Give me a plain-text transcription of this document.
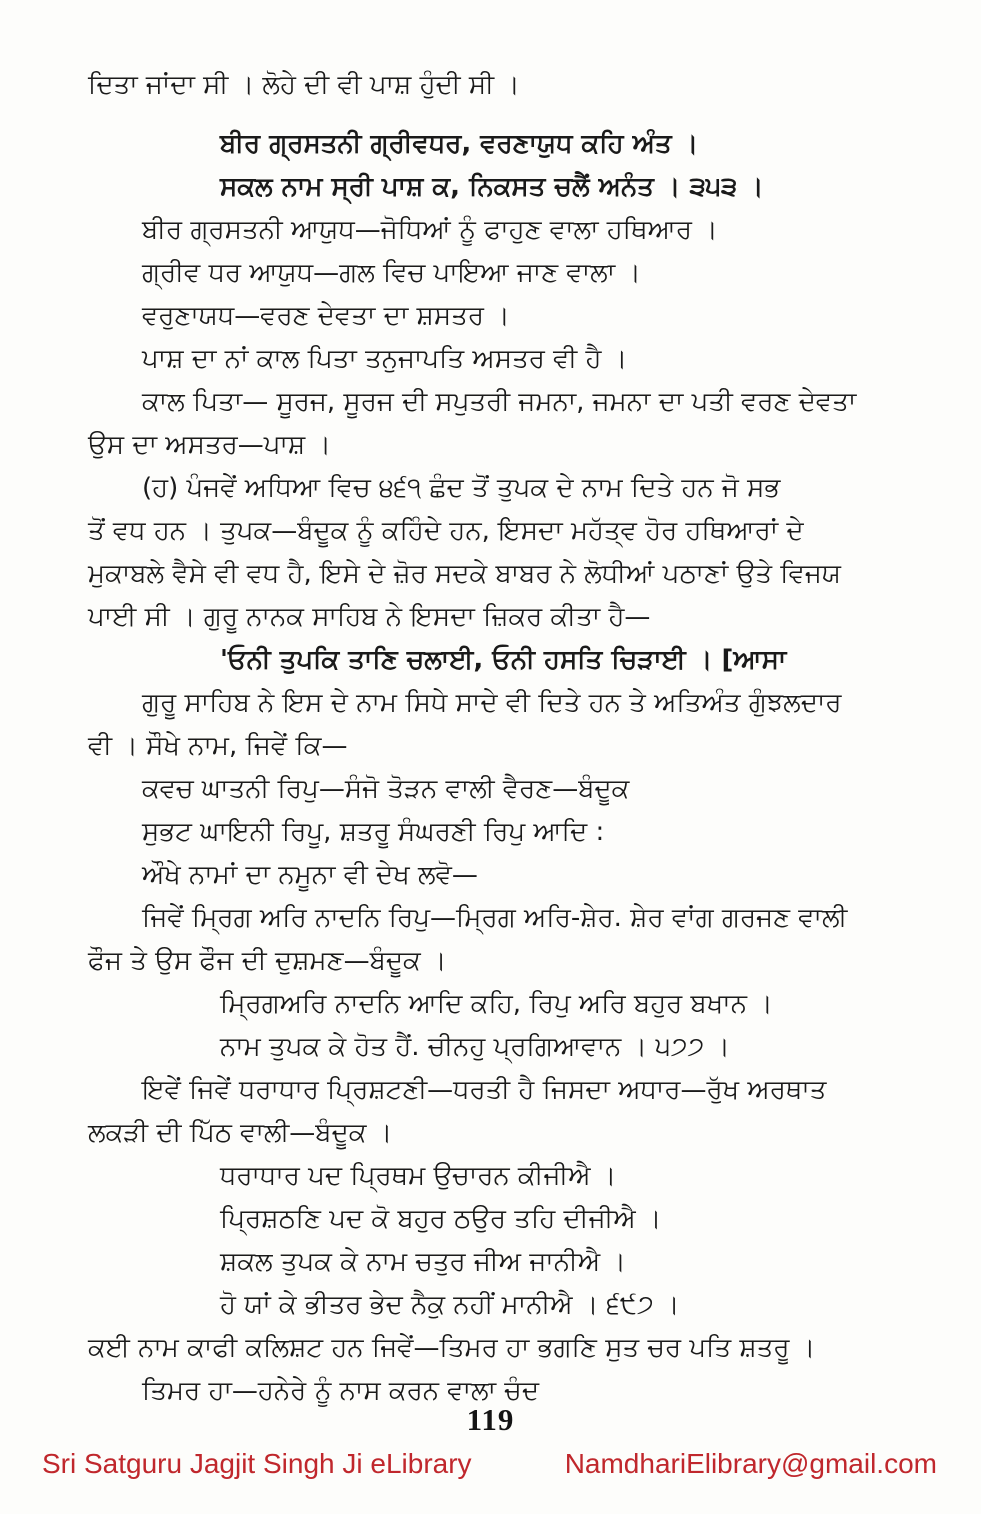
ਦਿਤਾ ਜਾਂਦਾ ਸੀ । ਲੋਹੇ ਦੀ ਵੀ ਪਾਸ਼ ਹੁੰਦੀ ਸੀ ।
ਬੀਰ ਗ੍ਰਸਤਨੀ ਗ੍ਰੀਵਧਰ, ਵਰਣਾਯੁਧ ਕਹਿ ਅੰਤ ।
ਸਕਲ ਨਾਮ ਸ੍ਰੀ ਪਾਸ਼ ਕ, ਨਿਕਸਤ ਚਲੈਂ ਅਨੰਤ । ੩੫੩ ।
ਬੀਰ ਗ੍ਰਸਤਨੀ ਆਯੁਧ—ਜੋਧਿਆਂ ਨੂੰ ਫਾਹੁਣ ਵਾਲਾ ਹਥਿਆਰ ।
ਗ੍ਰੀਵ ਧਰ ਆਯੁਧ—ਗਲ ਵਿਚ ਪਾਇਆ ਜਾਣ ਵਾਲਾ ।
ਵਰੁਣਾਯਧ—ਵਰਣ ਦੇਵਤਾ ਦਾ ਸ਼ਸਤਰ ।
ਪਾਸ਼ ਦਾ ਨਾਂ ਕਾਲ ਪਿਤਾ ਤਨੁਜਾਪਤਿ ਅਸਤਰ ਵੀ ਹੈ ।
ਕਾਲ ਪਿਤਾ— ਸੂਰਜ, ਸੂਰਜ ਦੀ ਸਪੁਤਰੀ ਜਮਨਾ, ਜਮਨਾ ਦਾ ਪਤੀ ਵਰਣ ਦੇਵਤਾ
ਉਸ ਦਾ ਅਸਤਰ—ਪਾਸ਼ ।
(ਹ) ਪੰਜਵੇਂ ਅਧਿਆ ਵਿਚ ੪੬੧ ਛੰਦ ਤੋਂ ਤੁਪਕ ਦੇ ਨਾਮ ਦਿਤੇ ਹਨ ਜੋ ਸਭ
ਤੋਂ ਵਧ ਹਨ । ਤੁਪਕ—ਬੰਦੂਕ ਨੂੰ ਕਹਿੰਦੇ ਹਨ, ਇਸਦਾ ਮਹੱਤ੍ਵ ਹੋਰ ਹਥਿਆਰਾਂ ਦੇ
ਮੁਕਾਬਲੇ ਵੈਸੇ ਵੀ ਵਧ ਹੈ, ਇਸੇ ਦੇ ਜ਼ੋਰ ਸਦਕੇ ਬਾਬਰ ਨੇ ਲੋਧੀਆਂ ਪਠਾਣਾਂ ਉਤੇ ਵਿਜਯ
ਪਾਈ ਸੀ । ਗੁਰੂ ਨਾਨਕ ਸਾਹਿਬ ਨੇ ਇਸਦਾ ਜ਼ਿਕਰ ਕੀਤਾ ਹੈ—
'ਓਨੀ ਤੁਪਕਿ ਤਾਣਿ ਚਲਾਈ, ਓਨੀ ਹਸਤਿ ਚਿੜਾਈ । [ਆਸਾ
ਗੁਰੂ ਸਾਹਿਬ ਨੇ ਇਸ ਦੇ ਨਾਮ ਸਿਧੇ ਸਾਦੇ ਵੀ ਦਿਤੇ ਹਨ ਤੇ ਅਤਿਅੰਤ ਗੁੰਝਲਦਾਰ
ਵੀ । ਸੌਖੇ ਨਾਮ, ਜਿਵੇਂ ਕਿ—
ਕਵਚ ਘਾਤਨੀ ਰਿਪੁ—ਸੰਜੋ ਤੋੜਨ ਵਾਲੀ ਵੈਰਣ—ਬੰਦੂਕ
ਸੁਭਟ ਘਾਇਨੀ ਰਿਪੂ, ਸ਼ਤਰੂ ਸੰਘਰਣੀ ਰਿਪੁ ਆਦਿ :
ਔਖੇ ਨਾਮਾਂ ਦਾ ਨਮੂਨਾ ਵੀ ਦੇਖ ਲਵੋ—
ਜਿਵੇਂ ਮ੍ਰਿਗ ਅਰਿ ਨਾਦਨਿ ਰਿਪੁ—ਮ੍ਰਿਗ ਅਰਿ-ਸ਼ੇਰ. ਸ਼ੇਰ ਵਾਂਗ ਗਰਜਣ ਵਾਲੀ
ਫੌਜ ਤੇ ਉਸ ਫੌਜ ਦੀ ਦੁਸ਼ਮਣ—ਬੰਦੂਕ ।
ਮ੍ਰਿਗਅਰਿ ਨਾਦਨਿ ਆਦਿ ਕਹਿ, ਰਿਪੁ ਅਰਿ ਬਹੁਰ ਬਖਾਨ ।
ਨਾਮ ਤੁਪਕ ਕੇ ਹੋਤ ਹੈਂ. ਚੀਨਹੁ ਪ੍ਰਗਿਆਵਾਨ । ੫੭੭ ।
ਇਵੇਂ ਜਿਵੇਂ ਧਰਾਧਾਰ ਪ੍ਰਿਸ਼ਟਣੀ—ਧਰਤੀ ਹੈ ਜਿਸਦਾ ਅਧਾਰ—ਰੁੱਖ ਅਰਥਾਤ
ਲਕੜੀ ਦੀ ਪਿੱਠ ਵਾਲੀ—ਬੰਦੂਕ ।
ਧਰਾਧਾਰ ਪਦ ਪ੍ਰਿਥਮ ਉਚਾਰਨ ਕੀਜੀਐ ।
ਪ੍ਰਿਸ਼ਠਣਿ ਪਦ ਕੋ ਬਹੁਰ ਠਉਰ ਤਹਿ ਦੀਜੀਐ ।
ਸ਼ਕਲ ਤੁਪਕ ਕੇ ਨਾਮ ਚਤੁਰ ਜੀਅ ਜਾਨੀਐ ।
ਹੋ ਯਾਂ ਕੇ ਭੀਤਰ ਭੇਦ ਨੈਕੁ ਨਹੀਂ ਮਾਨੀਐ । ੬੯੭ ।
ਕਈ ਨਾਮ ਕਾਫੀ ਕਲਿਸ਼ਟ ਹਨ ਜਿਵੇਂ—ਤਿਮਰ ਹਾ ਭਗਣਿ ਸੁਤ ਚਰ ਪਤਿ ਸ਼ਤਰੂ ।
ਤਿਮਰ ਹਾ—ਹਨੇਰੇ ਨੂੰ ਨਾਸ ਕਰਨ ਵਾਲਾ ਚੰਦ
119
Sri Satguru Jagjit Singh Ji eLibrary	NamdhariElibrary@gmail.com
